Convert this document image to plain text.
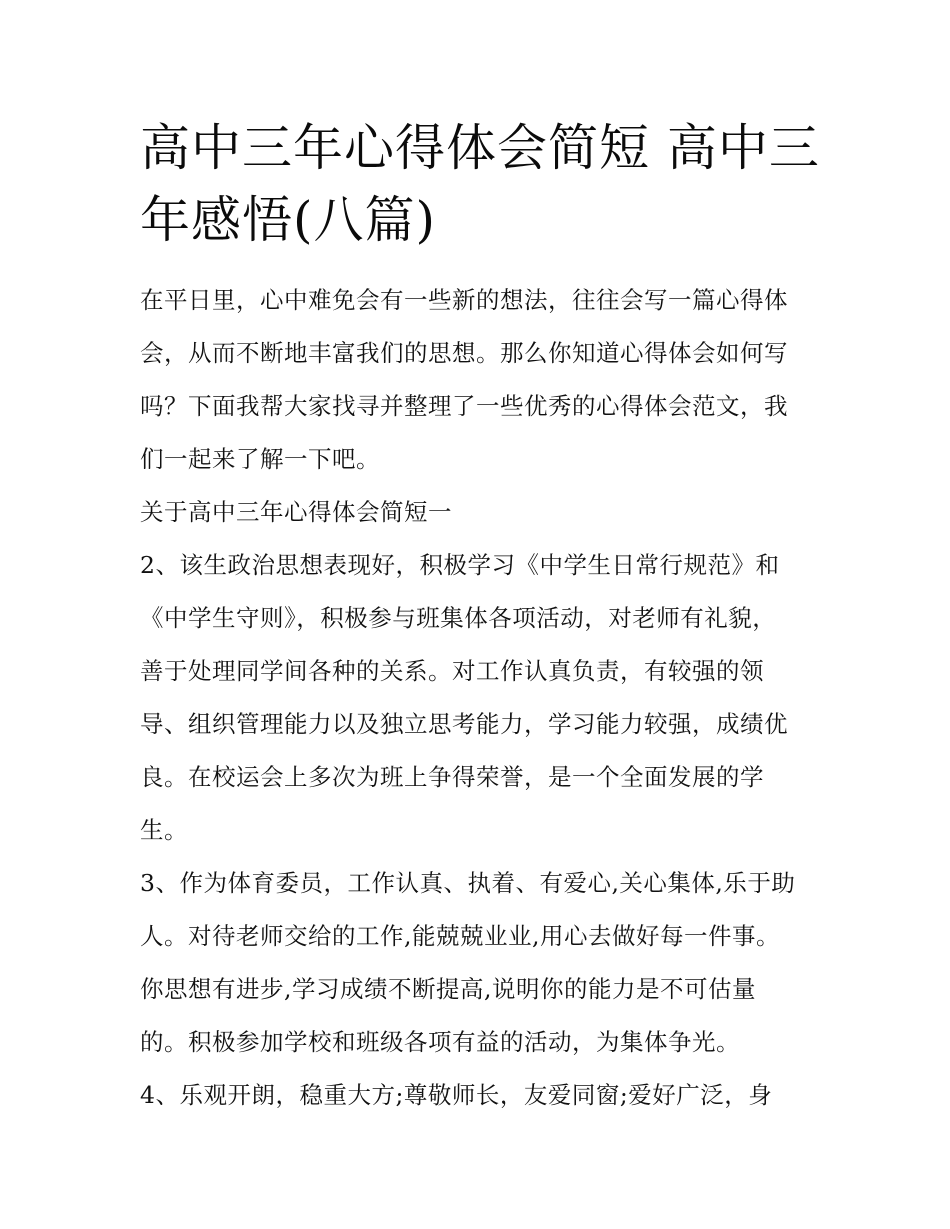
高中三年心得体会简短 高中三
年感悟(八篇)
在平日里，心中难免会有一些新的想法，往往会写一篇心得体
会，从而不断地丰富我们的思想。那么你知道心得体会如何写
吗？下面我帮大家找寻并整理了一些优秀的心得体会范文，我
们一起来了解一下吧。
关于高中三年心得体会简短一
2、该生政治思想表现好，积极学习《中学生日常行规范》和
《中学生守则》，积极参与班集体各项活动，对老师有礼貌，
善于处理同学间各种的关系。对工作认真负责，有较强的领
导、组织管理能力以及独立思考能力，学习能力较强，成绩优
良。在校运会上多次为班上争得荣誉，是一个全面发展的学
生。
3、作为体育委员，工作认真、执着、有爱心,关心集体,乐于助
人。对待老师交给的工作,能兢兢业业,用心去做好每一件事。
你思想有进步,学习成绩不断提高,说明你的能力是不可估量
的。积极参加学校和班级各项有益的活动，为集体争光。
4、乐观开朗，稳重大方;尊敬师长，友爱同窗;爱好广泛，身
